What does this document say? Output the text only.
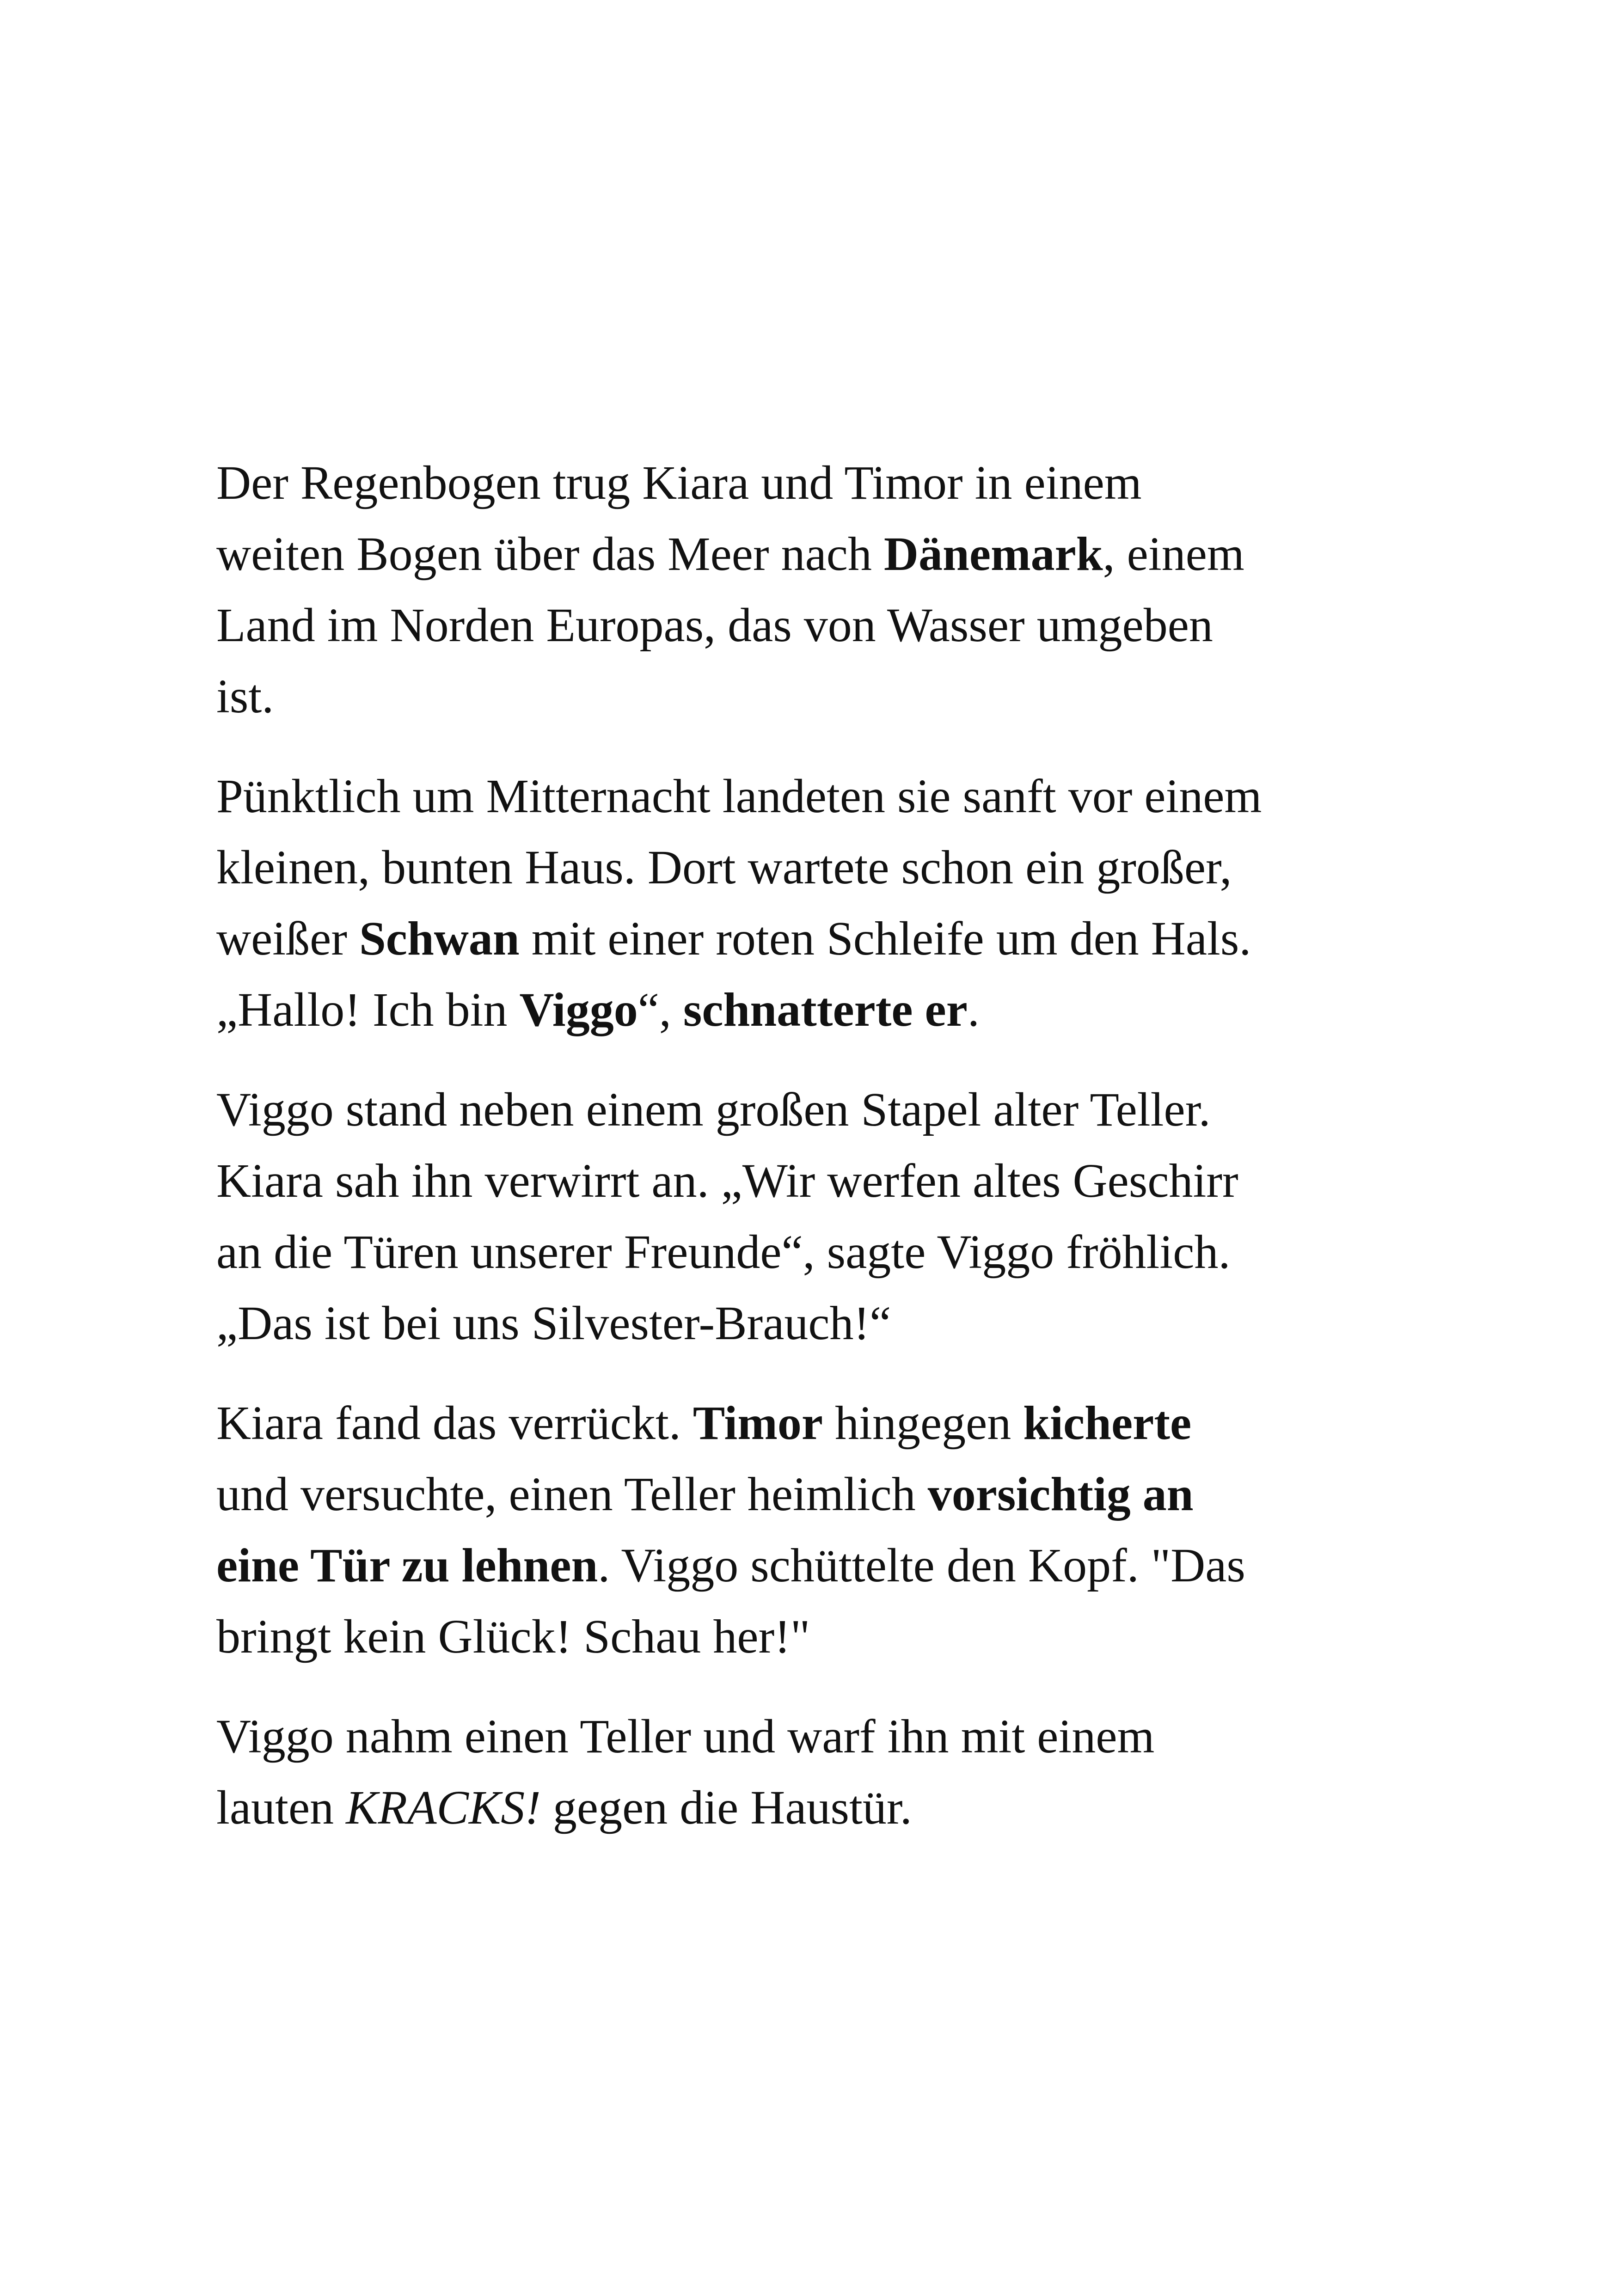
Der Regenbogen trug Kiara und Timor in einem
weiten Bogen über das Meer nach Dänemark, einem
Land im Norden Europas, das von Wasser umgeben
ist.

Pünktlich um Mitternacht landeten sie sanft vor einem
kleinen, bunten Haus. Dort wartete schon ein großer,
weißer Schwan mit einer roten Schleife um den Hals.
„Hallo! Ich bin Viggo“, schnatterte er.

Viggo stand neben einem großen Stapel alter Teller.
Kiara sah ihn verwirrt an. „Wir werfen altes Geschirr
an die Türen unserer Freunde“, sagte Viggo fröhlich.
„Das ist bei uns Silvester-Brauch!“

Kiara fand das verrückt. Timor hingegen kicherte
und versuchte, einen Teller heimlich vorsichtig an
eine Tür zu lehnen. Viggo schüttelte den Kopf. "Das
bringt kein Glück! Schau her!"

Viggo nahm einen Teller und warf ihn mit einem
lauten KRACKS! gegen die Haustür.
